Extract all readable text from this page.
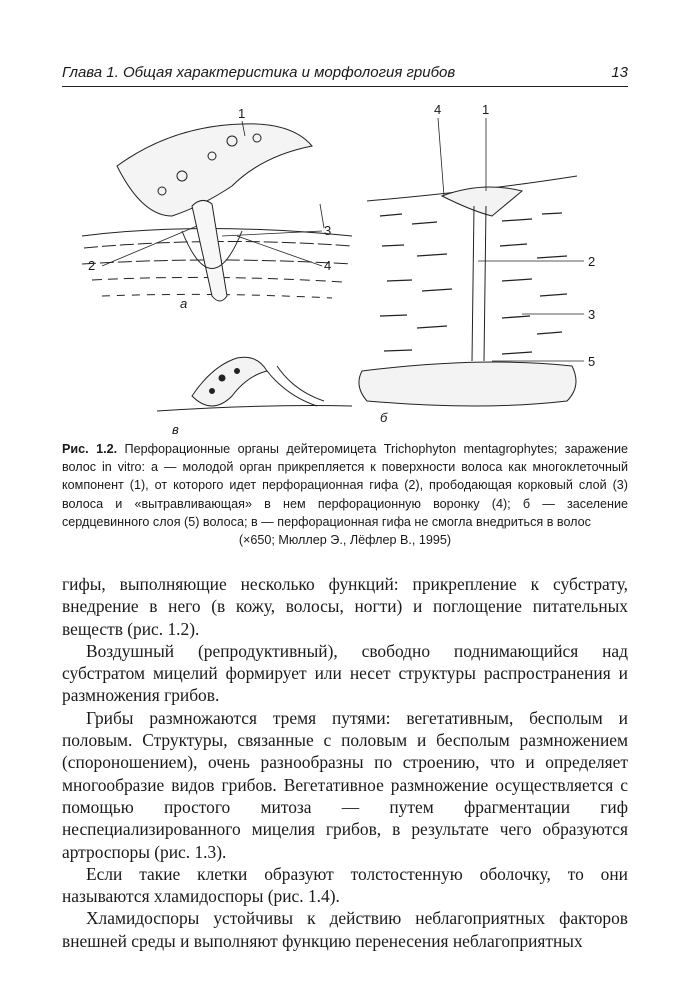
Глава 1. Общая характеристика и морфология грибов	13
1
2
3
4
а
в
4	1
2
3
5
б
Рис. 1.2. Перфорационные органы дейтеромицета Trichophyton mentagrophytes; заражение волос in vitro: а — молодой орган прикрепляется к поверхности волоса как многоклеточный компонент (1), от которого идет перфорационная гифа (2), прободающая корковый слой (3) волоса и «вытравливающая» в нем перфорационную воронку (4); б — заселение сердцевинного слоя (5) волоса; в — перфорационная гифа не смогла внедриться в волос
(×650; Мюллер Э., Лёфлер В., 1995)

гифы, выполняющие несколько функций: прикрепление к субстрату, внедрение в него (в кожу, волосы, ногти) и поглощение питательных веществ (рис. 1.2).

Воздушный (репродуктивный), свободно поднимающийся над субстратом мицелий формирует или несет структуры распространения и размножения грибов.

Грибы размножаются тремя путями: вегетативным, бесполым и половым. Структуры, связанные с половым и бесполым размножением (спороношением), очень разнообразны по строению, что и определяет многообразие видов грибов. Вегетативное размножение осуществляется с помощью простого митоза — путем фрагментации гиф неспециализированного мицелия грибов, в результате чего образуются артроспоры (рис. 1.3).

Если такие клетки образуют толстостенную оболочку, то они называются хламидоспоры (рис. 1.4).

Хламидоспоры устойчивы к действию неблагоприятных факторов внешней среды и выполняют функцию перенесения неблагоприятных
